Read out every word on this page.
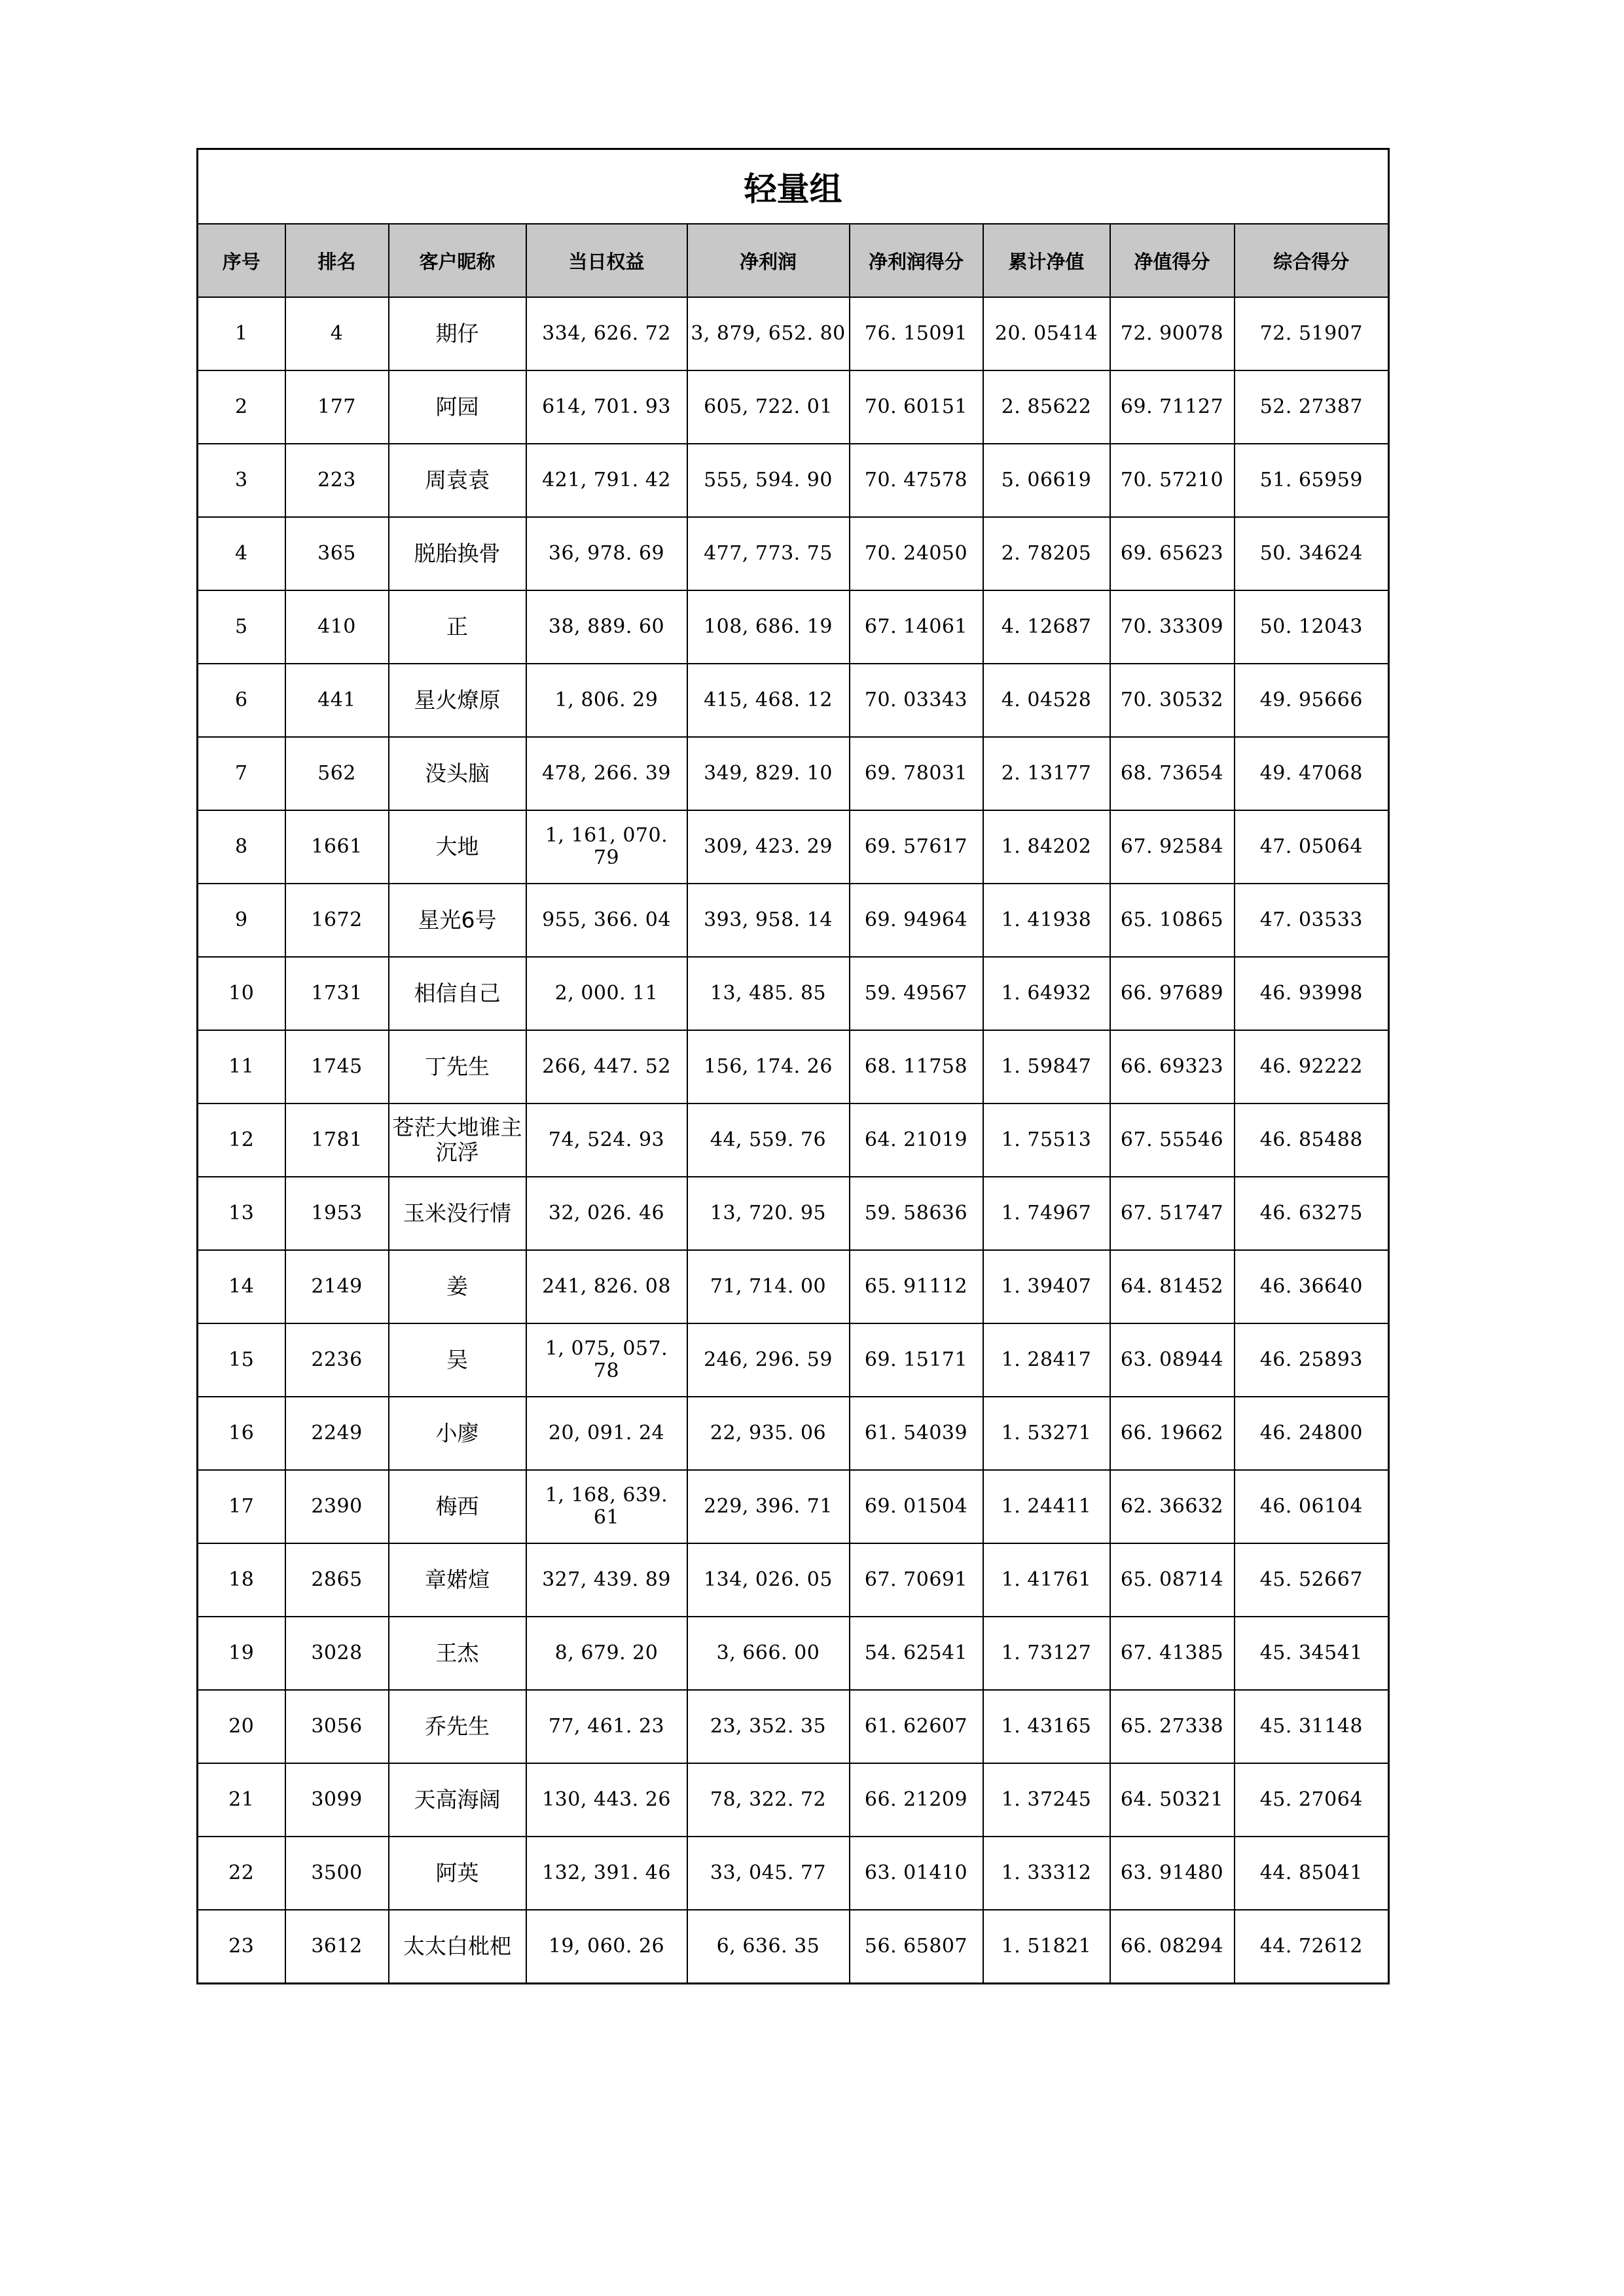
轻量组								
序号	排名	客户昵称	当日权益	净利润	净利润得分	累计净值	净值得分	综合得分
1	4	期仔	334, 626. 72	3, 879, 652. 80	76. 15091	20. 05414	72. 90078	72. 51907
2	177	阿园	614, 701. 93	605, 722. 01	70. 60151	2. 85622	69. 71127	52. 27387
3	223	周袁袁	421, 791. 42	555, 594. 90	70. 47578	5. 06619	70. 57210	51. 65959
4	365	脱胎换骨	36, 978. 69	477, 773. 75	70. 24050	2. 78205	69. 65623	50. 34624
5	410	正	38, 889. 60	108, 686. 19	67. 14061	4. 12687	70. 33309	50. 12043
6	441	星火燎原	1, 806. 29	415, 468. 12	70. 03343	4. 04528	70. 30532	49. 95666
7	562	没头脑	478, 266. 39	349, 829. 10	69. 78031	2. 13177	68. 73654	49. 47068
8	1661	大地	1, 161, 070. 79	309, 423. 29	69. 57617	1. 84202	67. 92584	47. 05064
9	1672	星光6号	955, 366. 04	393, 958. 14	69. 94964	1. 41938	65. 10865	47. 03533
10	1731	相信自己	2, 000. 11	13, 485. 85	59. 49567	1. 64932	66. 97689	46. 93998
11	1745	丁先生	266, 447. 52	156, 174. 26	68. 11758	1. 59847	66. 69323	46. 92222
12	1781	苍茫大地谁主沉浮	74, 524. 93	44, 559. 76	64. 21019	1. 75513	67. 55546	46. 85488
13	1953	玉米没行情	32, 026. 46	13, 720. 95	59. 58636	1. 74967	67. 51747	46. 63275
14	2149	姜	241, 826. 08	71, 714. 00	65. 91112	1. 39407	64. 81452	46. 36640
15	2236	吴	1, 075, 057. 78	246, 296. 59	69. 15171	1. 28417	63. 08944	46. 25893
16	2249	小廖	20, 091. 24	22, 935. 06	61. 54039	1. 53271	66. 19662	46. 24800
17	2390	梅西	1, 168, 639. 61	229, 396. 71	69. 01504	1. 24411	62. 36632	46. 06104
18	2865	章婼煊	327, 439. 89	134, 026. 05	67. 70691	1. 41761	65. 08714	45. 52667
19	3028	王杰	8, 679. 20	3, 666. 00	54. 62541	1. 73127	67. 41385	45. 34541
20	3056	乔先生	77, 461. 23	23, 352. 35	61. 62607	1. 43165	65. 27338	45. 31148
21	3099	天高海阔	130, 443. 26	78, 322. 72	66. 21209	1. 37245	64. 50321	45. 27064
22	3500	阿英	132, 391. 46	33, 045. 77	63. 01410	1. 33312	63. 91480	44. 85041
23	3612	太太白枇杷	19, 060. 26	6, 636. 35	56. 65807	1. 51821	66. 08294	44. 72612
